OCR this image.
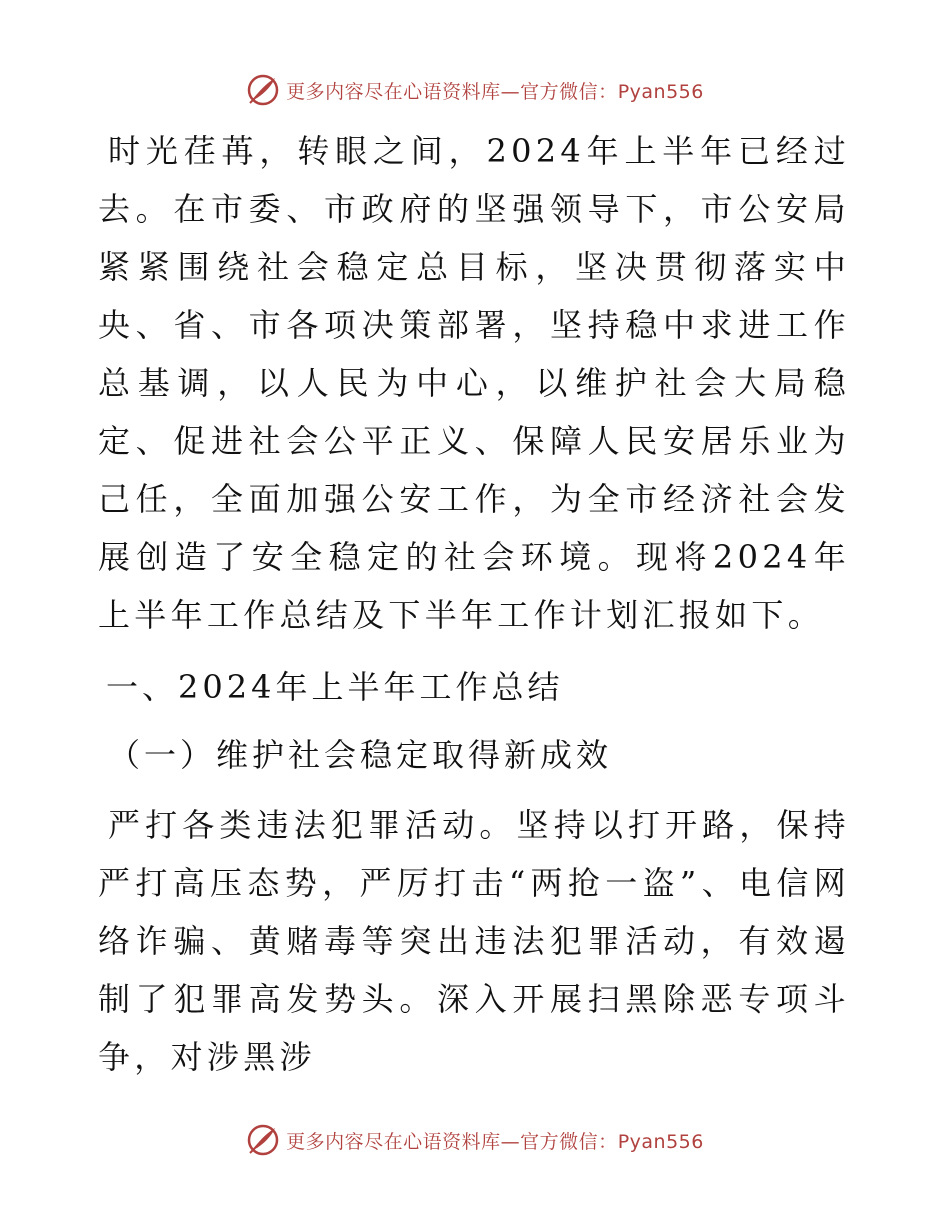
更多内容尽在心语资料库—官方微信：Pyan556

时光荏苒，转眼之间，2024年上半年已经过去。在市委、市政府的坚强领导下，市公安局紧紧围绕社会稳定总目标，坚决贯彻落实中央、省、市各项决策部署，坚持稳中求进工作总基调，以人民为中心，以维护社会大局稳定、促进社会公平正义、保障人民安居乐业为己任，全面加强公安工作，为全市经济社会发展创造了安全稳定的社会环境。现将2024年上半年工作总结及下半年工作计划汇报如下。

一、2024年上半年工作总结

（一）维护社会稳定取得新成效

严打各类违法犯罪活动。坚持以打开路，保持严打高压态势，严厉打击“两抢一盗”、电信网络诈骗、黄赌毒等突出违法犯罪活动，有效遏制了犯罪高发势头。深入开展扫黑除恶专项斗争，对涉黑涉

更多内容尽在心语资料库—官方微信：Pyan556
